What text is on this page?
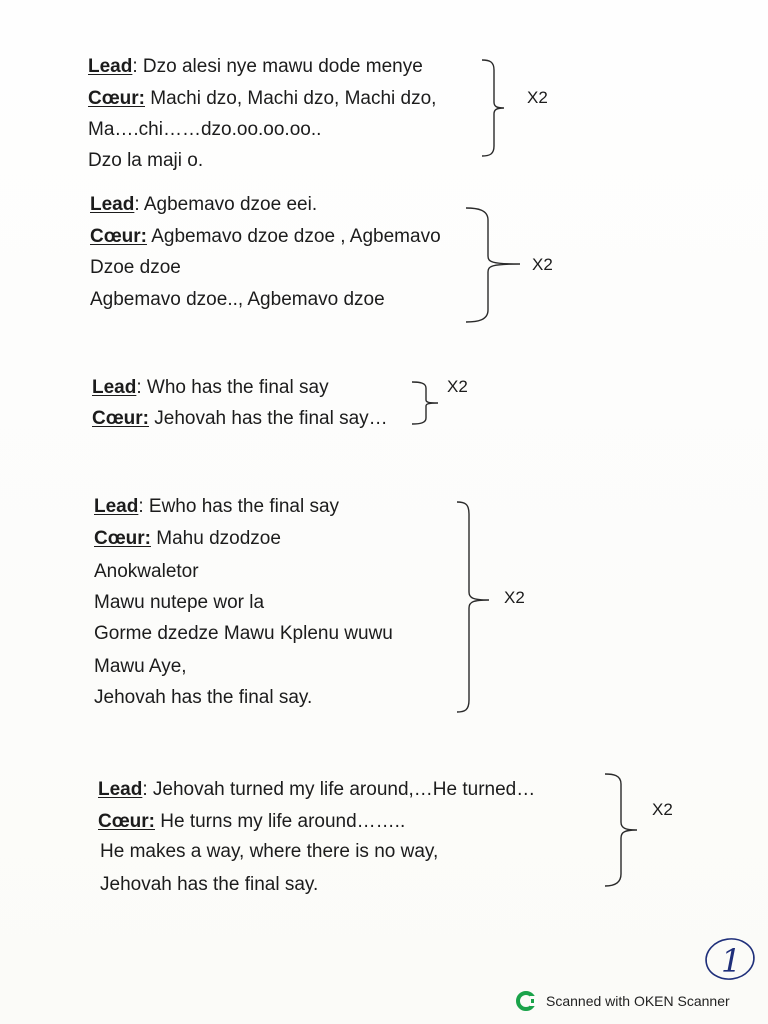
Lead: Dzo alesi nye mawu dode menye
Cœur: Machi dzo, Machi dzo, Machi dzo,
Ma….chi……dzo.oo.oo.oo..
Dzo la maji o.
X2
Lead: Agbemavo dzoe eei.
Cœur: Agbemavo dzoe dzoe , Agbemavo
Dzoe dzoe
Agbemavo dzoe.., Agbemavo dzoe
X2
Lead: Who has the final say
Cœur: Jehovah has the final say…
X2
Lead: Ewho has the final say
Cœur: Mahu dzodzoe
Anokwaletor
Mawu nutepe wor la
Gorme dzedze Mawu Kplenu wuwu
Mawu Aye,
Jehovah has the final say.
X2
Lead: Jehovah turned my life around,…He turned…
Cœur: He turns my life around……..
He makes a way, where there is no way,
Jehovah has the final say.
X2
1
Scanned with OKEN Scanner
